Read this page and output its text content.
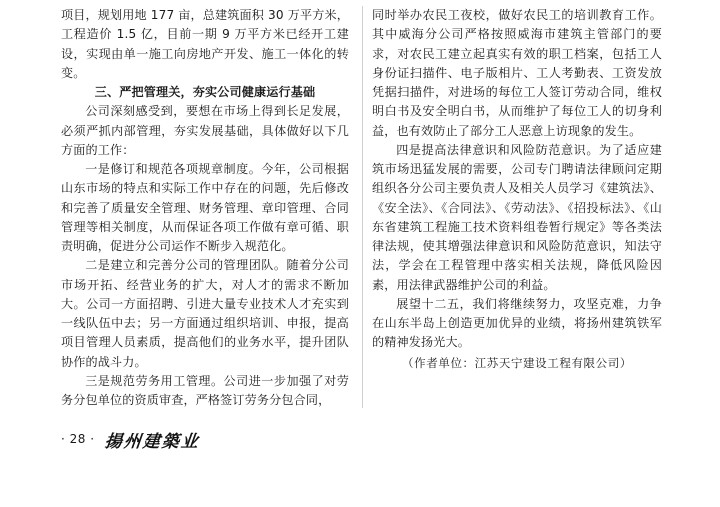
项目，规划用地 177 亩，总建筑面积 30 万平方米，工程造价 1.5 亿，目前一期 9 万平方米已经开工建设，实现由单一施工向房地产开发、施工一体化的转变。

三、严把管理关，夯实公司健康运行基础

公司深刻感受到，要想在市场上得到长足发展，必须严抓内部管理，夯实发展基础，具体做好以下几方面的工作：

一是修订和规范各项规章制度。今年，公司根据山东市场的特点和实际工作中存在的问题，先后修改和完善了质量安全管理、财务管理、章印管理、合同管理等相关制度，从而保证各项工作做有章可循、职责明确，促进分公司运作不断步入规范化。

二是建立和完善分公司的管理团队。随着分公司市场开拓、经营业务的扩大，对人才的需求不断加大。公司一方面招聘、引进大量专业技术人才充实到一线队伍中去；另一方面通过组织培训、申报，提高项目管理人员素质，提高他们的业务水平，提升团队协作的战斗力。

三是规范劳务用工管理。公司进一步加强了对劳务分包单位的资质审查，严格签订劳务分包合同，

同时举办农民工夜校，做好农民工的培训教育工作。其中威海分公司严格按照威海市建筑主管部门的要求，对农民工建立起真实有效的职工档案，包括工人身份证扫描件、电子版相片、工人考勤表、工资发放凭据扫描件，对进场的每位工人签订劳动合同，维权明白书及安全明白书，从而维护了每位工人的切身利益，也有效防止了部分工人恶意上访现象的发生。

四是提高法律意识和风险防范意识。为了适应建筑市场迅猛发展的需要，公司专门聘请法律顾问定期组织各分公司主要负责人及相关人员学习《建筑法》、《安全法》、《合同法》、《劳动法》、《招投标法》、《山东省建筑工程施工技术资料组卷暂行规定》等各类法律法规，使其增强法律意识和风险防范意识，知法守法，学会在工程管理中落实相关法规，降低风险因素，用法律武器维护公司的利益。

展望十二五，我们将继续努力，攻坚克难，力争在山东半岛上创造更加优异的业绩，将扬州建筑铁军的精神发扬光大。

（作者单位：江苏天宁建设工程有限公司）

· 28 · 揚州建築业
